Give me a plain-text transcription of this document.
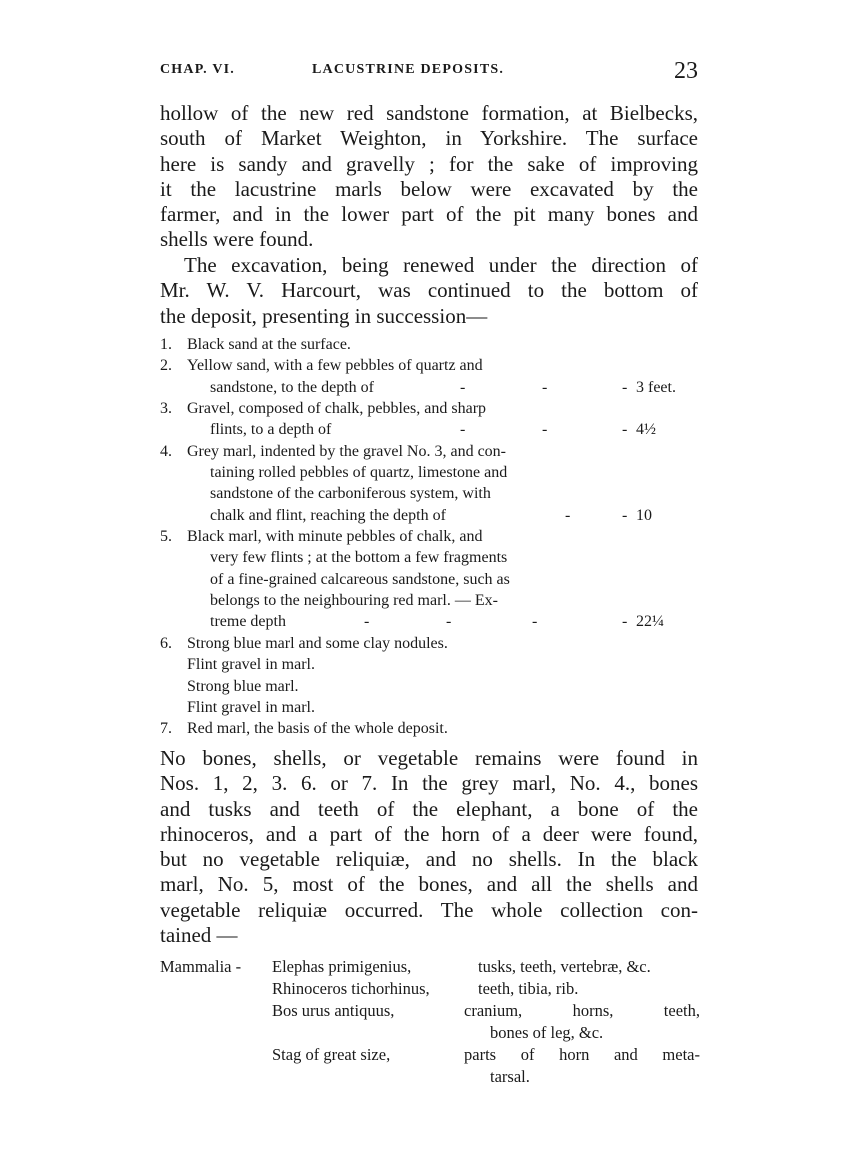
CHAP. VI.	LACUSTRINE DEPOSITS.	23
hollow of the new red sandstone formation, at Bielbecks,
south of Market Weighton, in Yorkshire. The surface
here is sandy and gravelly ; for the sake of improving
it the lacustrine marls below were excavated by the
farmer, and in the lower part of the pit many bones and
shells were found.
The excavation, being renewed under the direction of
Mr. W. V. Harcourt, was continued to the bottom of
the deposit, presenting in succession—
1. Black sand at the surface.
2. Yellow sand, with a few pebbles of quartz and
sandstone, to the depth of	-	-	- 3 feet.
3. Gravel, composed of chalk, pebbles, and sharp
flints, to a depth of	-	-	- 4½
4. Grey marl, indented by the gravel No. 3, and con-
taining rolled pebbles of quartz, limestone and
sandstone of the carboniferous system, with
chalk and flint, reaching the depth of	-	- 10
5. Black marl, with minute pebbles of chalk, and
very few flints ; at the bottom a few fragments
of a fine-grained calcareous sandstone, such as
belongs to the neighbouring red marl. — Ex-
treme depth	-	-	-	- 22¼
6. Strong blue marl and some clay nodules.
Flint gravel in marl.
Strong blue marl.
Flint gravel in marl.
7. Red marl, the basis of the whole deposit.
No bones, shells, or vegetable remains were found in
Nos. 1, 2, 3. 6. or 7. In the grey marl, No. 4., bones
and tusks and teeth of the elephant, a bone of the
rhinoceros, and a part of the horn of a deer were found,
but no vegetable reliquiæ, and no shells. In the black
marl, No. 5, most of the bones, and all the shells and
vegetable reliquiæ occurred. The whole collection con-
tained —
Mammalia - Elephas primigenius,	tusks, teeth, vertebræ, &c.
Rhinoceros tichorhinus,	teeth, tibia, rib.
Bos urus antiquus,	cranium, horns, teeth,
bones of leg, &c.
Stag of great size,	parts of horn and meta-
tarsal.
